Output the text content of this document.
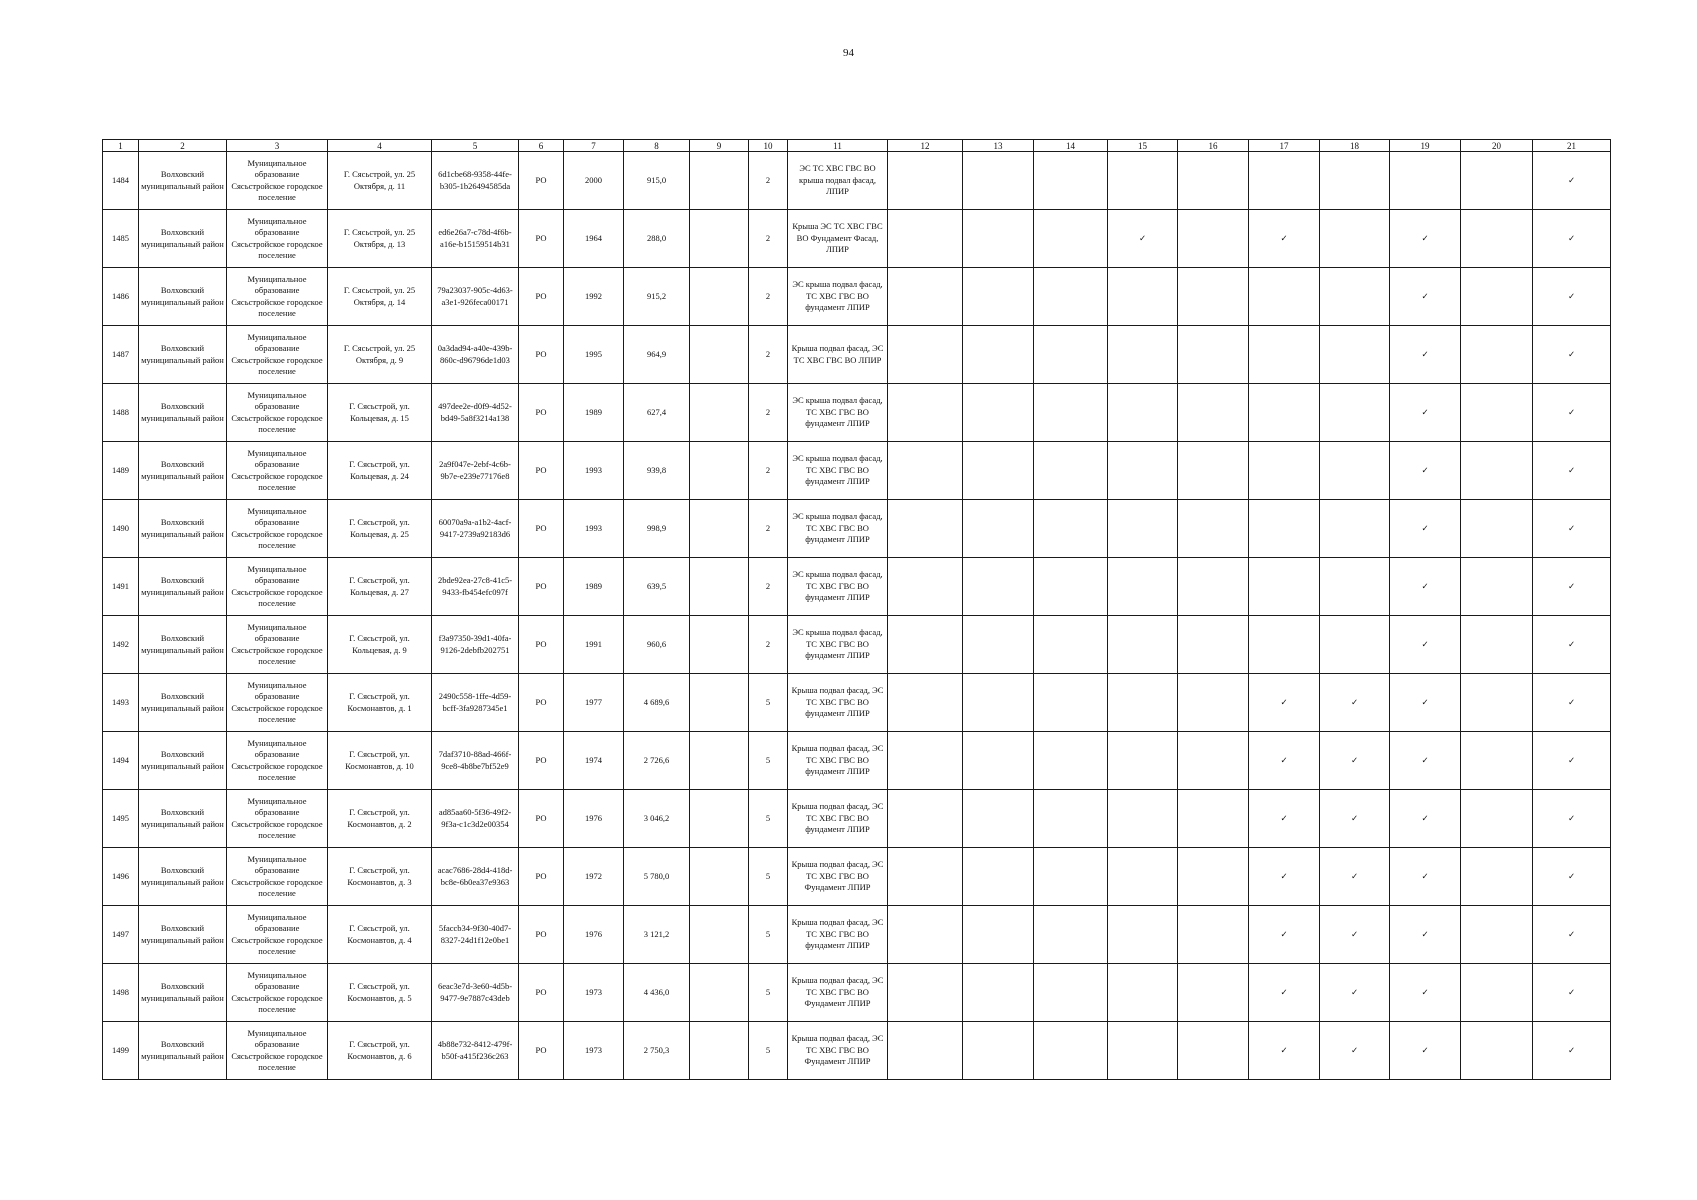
94
1	2	3	4	5	6	7	8	9	10	11	12	13	14	15	16	17	18	19	20	21
1484	Волховский муниципальный район	Муниципальное образование Сясьстройское городское поселение	Г. Сясьстрой, ул. 25 Октября, д. 11	6d1cbe68-9358-44fe-b305-1b26494585da	РО	2000	915,0		2	ЭС ТС ХВС ГВС ВО крыша подвал фасад, ЛПИР										✓
1485	Волховский муниципальный район	Муниципальное образование Сясьстройское городское поселение	Г. Сясьстрой, ул. 25 Октября, д. 13	ed6e26a7-c78d-4f6b-a16e-b15159514b31	РО	1964	288,0		2	Крыша ЭС ТС ХВС ГВС ВО Фундамент Фасад, ЛПИР				✓		✓		✓		✓
1486	Волховский муниципальный район	Муниципальное образование Сясьстройское городское поселение	Г. Сясьстрой, ул. 25 Октября, д. 14	79a23037-905c-4d63-a3e1-926feca00171	РО	1992	915,2		2	ЭС крыша подвал фасад, ТС ХВС ГВС ВО фундамент ЛПИР								✓		✓
1487	Волховский муниципальный район	Муниципальное образование Сясьстройское городское поселение	Г. Сясьстрой, ул. 25 Октября, д. 9	0a3dad94-a40e-439b-860c-d96796de1d03	РО	1995	964,9		2	Крыша подвал фасад, ЭС ТС ХВС ГВС ВО ЛПИР								✓		✓
1488	Волховский муниципальный район	Муниципальное образование Сясьстройское городское поселение	Г. Сясьстрой, ул. Кольцевая, д. 15	497dee2e-d0f9-4d52-bd49-5a8f3214a138	РО	1989	627,4		2	ЭС крыша подвал фасад, ТС ХВС ГВС ВО фундамент ЛПИР								✓		✓
1489	Волховский муниципальный район	Муниципальное образование Сясьстройское городское поселение	Г. Сясьстрой, ул. Кольцевая, д. 24	2a9f047e-2ebf-4c6b-9b7e-e239e77176e8	РО	1993	939,8		2	ЭС крыша подвал фасад, ТС ХВС ГВС ВО фундамент ЛПИР								✓		✓
1490	Волховский муниципальный район	Муниципальное образование Сясьстройское городское поселение	Г. Сясьстрой, ул. Кольцевая, д. 25	60070a9a-a1b2-4acf-9417-2739a92183d6	РО	1993	998,9		2	ЭС крыша подвал фасад, ТС ХВС ГВС ВО фундамент ЛПИР								✓		✓
1491	Волховский муниципальный район	Муниципальное образование Сясьстройское городское поселение	Г. Сясьстрой, ул. Кольцевая, д. 27	2bde92ea-27c8-41c5-9433-fb454efc097f	РО	1989	639,5		2	ЭС крыша подвал фасад, ТС ХВС ГВС ВО фундамент ЛПИР								✓		✓
1492	Волховский муниципальный район	Муниципальное образование Сясьстройское городское поселение	Г. Сясьстрой, ул. Кольцевая, д. 9	f3a97350-39d1-40fa-9126-2debfb202751	РО	1991	960,6		2	ЭС крыша подвал фасад, ТС ХВС ГВС ВО фундамент ЛПИР								✓		✓
1493	Волховский муниципальный район	Муниципальное образование Сясьстройское городское поселение	Г. Сясьстрой, ул. Космонавтов, д. 1	2490c558-1ffe-4d59-bcff-3fa9287345e1	РО	1977	4 689,6		5	Крыша подвал фасад, ЭС ТС ХВС ГВС ВО фундамент ЛПИР						✓	✓	✓		✓
1494	Волховский муниципальный район	Муниципальное образование Сясьстройское городское поселение	Г. Сясьстрой, ул. Космонавтов, д. 10	7daf3710-88ad-466f-9ce8-4b8be7bf52e9	РО	1974	2 726,6		5	Крыша подвал фасад, ЭС ТС ХВС ГВС ВО фундамент ЛПИР						✓	✓	✓		✓
1495	Волховский муниципальный район	Муниципальное образование Сясьстройское городское поселение	Г. Сясьстрой, ул. Космонавтов, д. 2	ad85aa60-5f36-49f2-9f3a-c1c3d2e00354	РО	1976	3 046,2		5	Крыша подвал фасад, ЭС ТС ХВС ГВС ВО фундамент ЛПИР						✓	✓	✓		✓
1496	Волховский муниципальный район	Муниципальное образование Сясьстройское городское поселение	Г. Сясьстрой, ул. Космонавтов, д. 3	acac7686-28d4-418d-bc8e-6b0ea37e9363	РО	1972	5 780,0		5	Крыша подвал фасад, ЭС ТС ХВС ГВС ВО Фундамент ЛПИР						✓	✓	✓		✓
1497	Волховский муниципальный район	Муниципальное образование Сясьстройское городское поселение	Г. Сясьстрой, ул. Космонавтов, д. 4	5faccb34-9f30-40d7-8327-24d1f12e0be1	РО	1976	3 121,2		5	Крыша подвал фасад, ЭС ТС ХВС ГВС ВО фундамент ЛПИР						✓	✓	✓		✓
1498	Волховский муниципальный район	Муниципальное образование Сясьстройское городское поселение	Г. Сясьстрой, ул. Космонавтов, д. 5	6eac3e7d-3e60-4d5b-9477-9e7887c43deb	РО	1973	4 436,0		5	Крыша подвал фасад, ЭС ТС ХВС ГВС ВО Фундамент ЛПИР						✓	✓	✓		✓
1499	Волховский муниципальный район	Муниципальное образование Сясьстройское городское поселение	Г. Сясьстрой, ул. Космонавтов, д. 6	4b88e732-8412-479f-b50f-a415f236c263	РО	1973	2 750,3		5	Крыша подвал фасад, ЭС ТС ХВС ГВС ВО Фундамент ЛПИР						✓	✓	✓		✓
